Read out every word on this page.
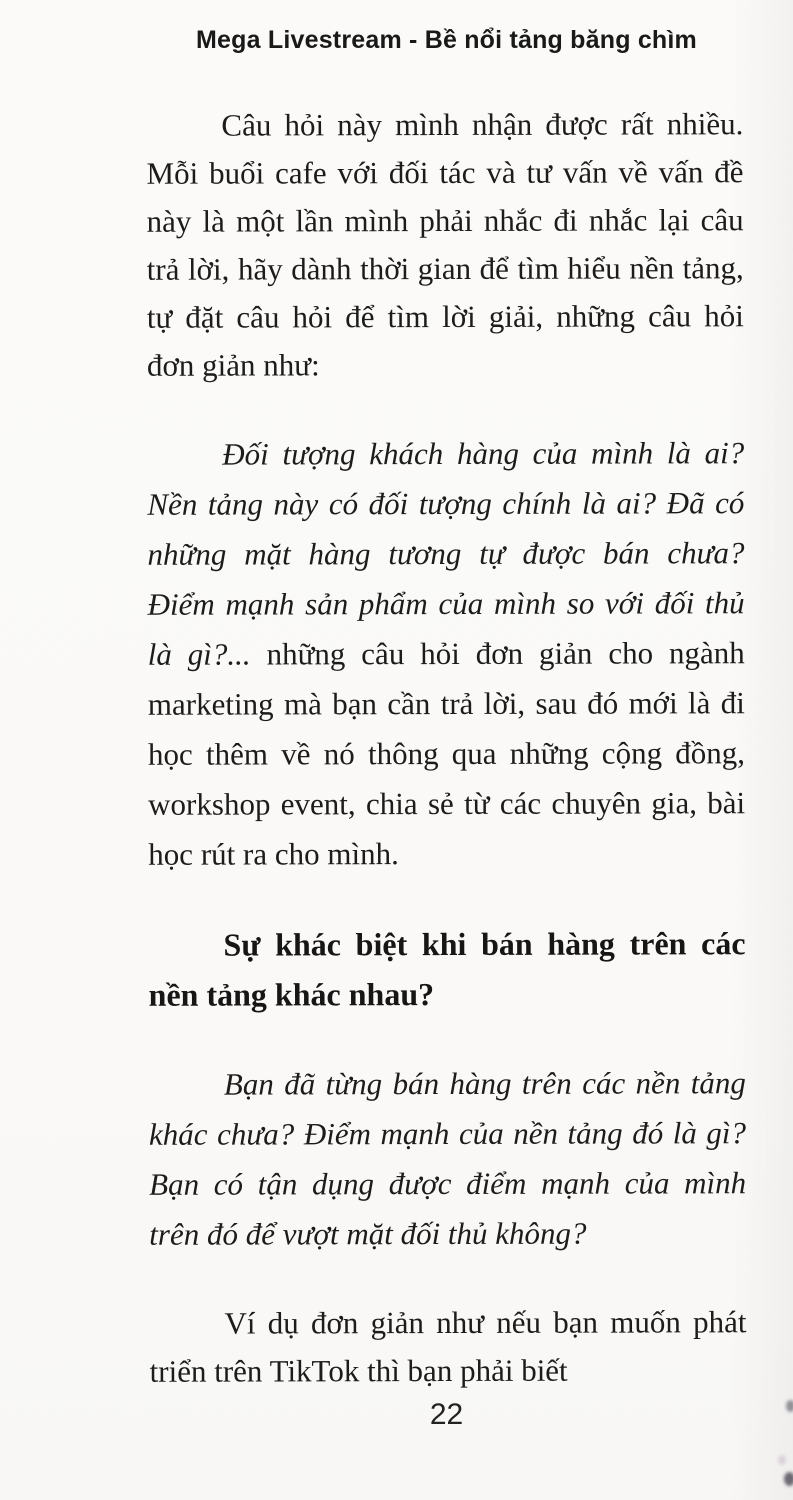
Mega Livestream - Bề nổi tảng băng chìm

Câu hỏi này mình nhận được rất nhiều. Mỗi buổi cafe với đối tác và tư vấn về vấn đề này là một lần mình phải nhắc đi nhắc lại câu trả lời, hãy dành thời gian để tìm hiểu nền tảng, tự đặt câu hỏi để tìm lời giải, những câu hỏi đơn giản như:

Đối tượng khách hàng của mình là ai? Nền tảng này có đối tượng chính là ai? Đã có những mặt hàng tương tự được bán chưa? Điểm mạnh sản phẩm của mình so với đối thủ là gì?... những câu hỏi đơn giản cho ngành marketing mà bạn cần trả lời, sau đó mới là đi học thêm về nó thông qua những cộng đồng, workshop event, chia sẻ từ các chuyên gia, bài học rút ra cho mình.

Sự khác biệt khi bán hàng trên các nền tảng khác nhau?

Bạn đã từng bán hàng trên các nền tảng khác chưa? Điểm mạnh của nền tảng đó là gì? Bạn có tận dụng được điểm mạnh của mình trên đó để vượt mặt đối thủ không?

Ví dụ đơn giản như nếu bạn muốn phát triển trên TikTok thì bạn phải biết

22
